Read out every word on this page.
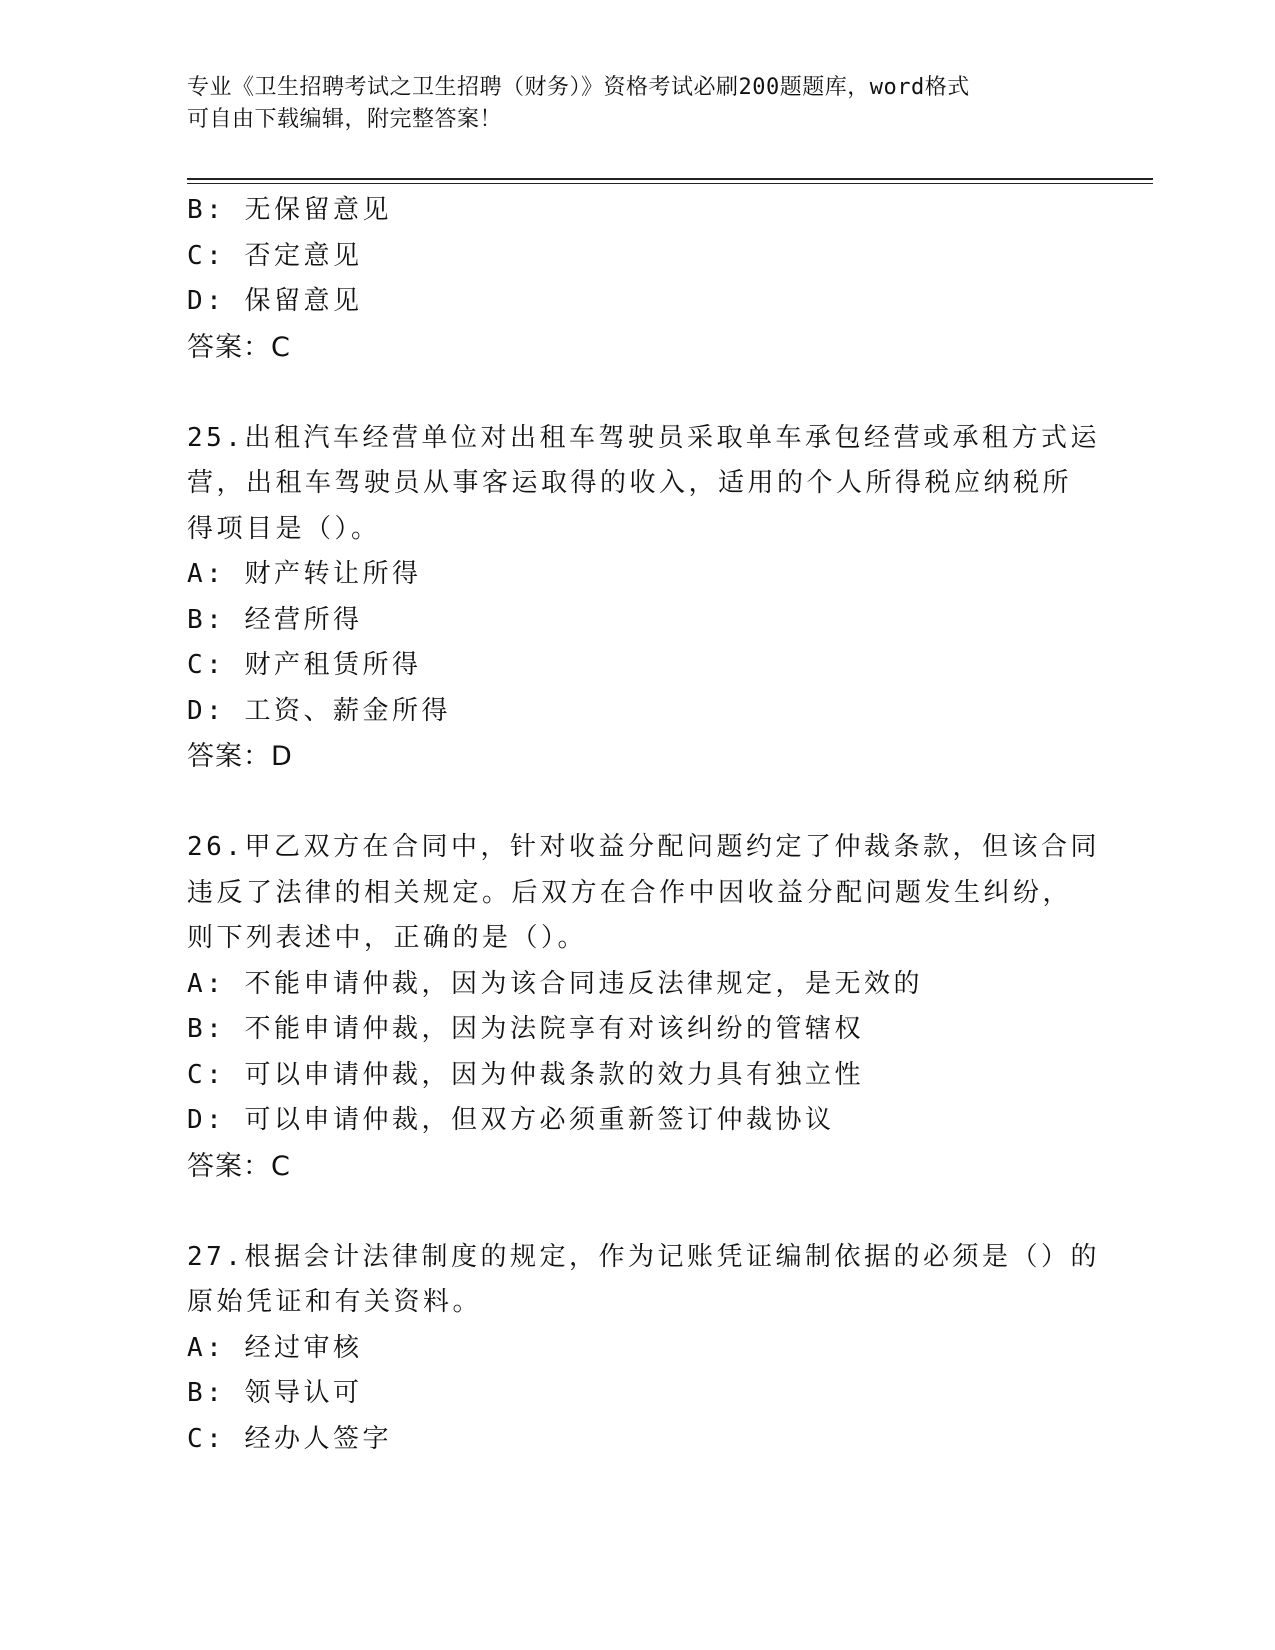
专业《卫生招聘考试之卫生招聘（财务）》资格考试必刷200题题库，word格式
可自由下载编辑，附完整答案！
B: 无保留意见
C: 否定意见
D: 保留意见
答案：C
25.出租汽车经营单位对出租车驾驶员采取单车承包经营或承租方式运
营，出租车驾驶员从事客运取得的收入，适用的个人所得税应纳税所
得项目是（）。
A: 财产转让所得
B: 经营所得
C: 财产租赁所得
D: 工资、薪金所得
答案：D
26.甲乙双方在合同中，针对收益分配问题约定了仲裁条款，但该合同
违反了法律的相关规定。后双方在合作中因收益分配问题发生纠纷，
则下列表述中，正确的是（）。
A: 不能申请仲裁，因为该合同违反法律规定，是无效的
B: 不能申请仲裁，因为法院享有对该纠纷的管辖权
C: 可以申请仲裁，因为仲裁条款的效力具有独立性
D: 可以申请仲裁，但双方必须重新签订仲裁协议
答案：C
27.根据会计法律制度的规定，作为记账凭证编制依据的必须是（）的
原始凭证和有关资料。
A: 经过审核
B: 领导认可
C: 经办人签字
